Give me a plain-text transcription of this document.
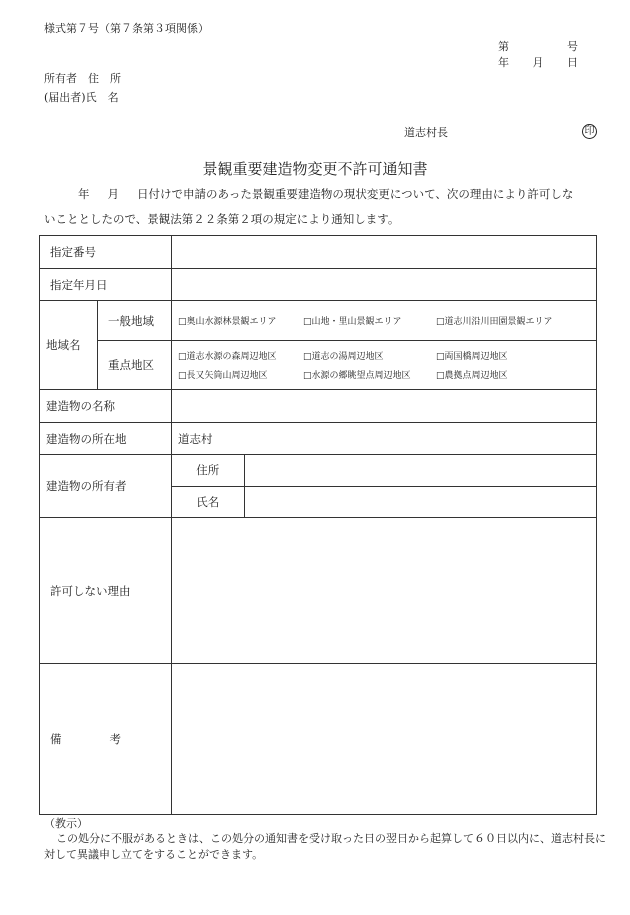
様式第７号（第７条第３項関係）
第	号
年 月 日
所有者　住　所
(届出者)氏　名
道志村長	印
景観重要建造物変更不許可通知書
年 月 日付けで申請のあった景観重要建造物の現状変更について、次の理由により許可しな
いこととしたので、景観法第２２条第２項の規定により通知します。
指定番号	
指定年月日	
地域名	一般地域	□奥山水源林景観エリア	□山地・里山景観エリア	□道志川沿川田園景観エリア

重点地区	
□道志水源の森周辺地区	□道志の湯周辺地区	□両国橋周辺地区
□長又矢筒山周辺地区	□水源の郷眺望点周辺地区	□農拠点周辺地区

建造物の名称	
建造物の所在地	道志村
建造物の所有者	
住所	
氏名	

許可しない理由	
備	考	
（教示）
この処分に不服があるときは、この処分の通知書を受け取った日の翌日から起算して６０日以内に、道志村長に
対して異議申し立てをすることができます。
